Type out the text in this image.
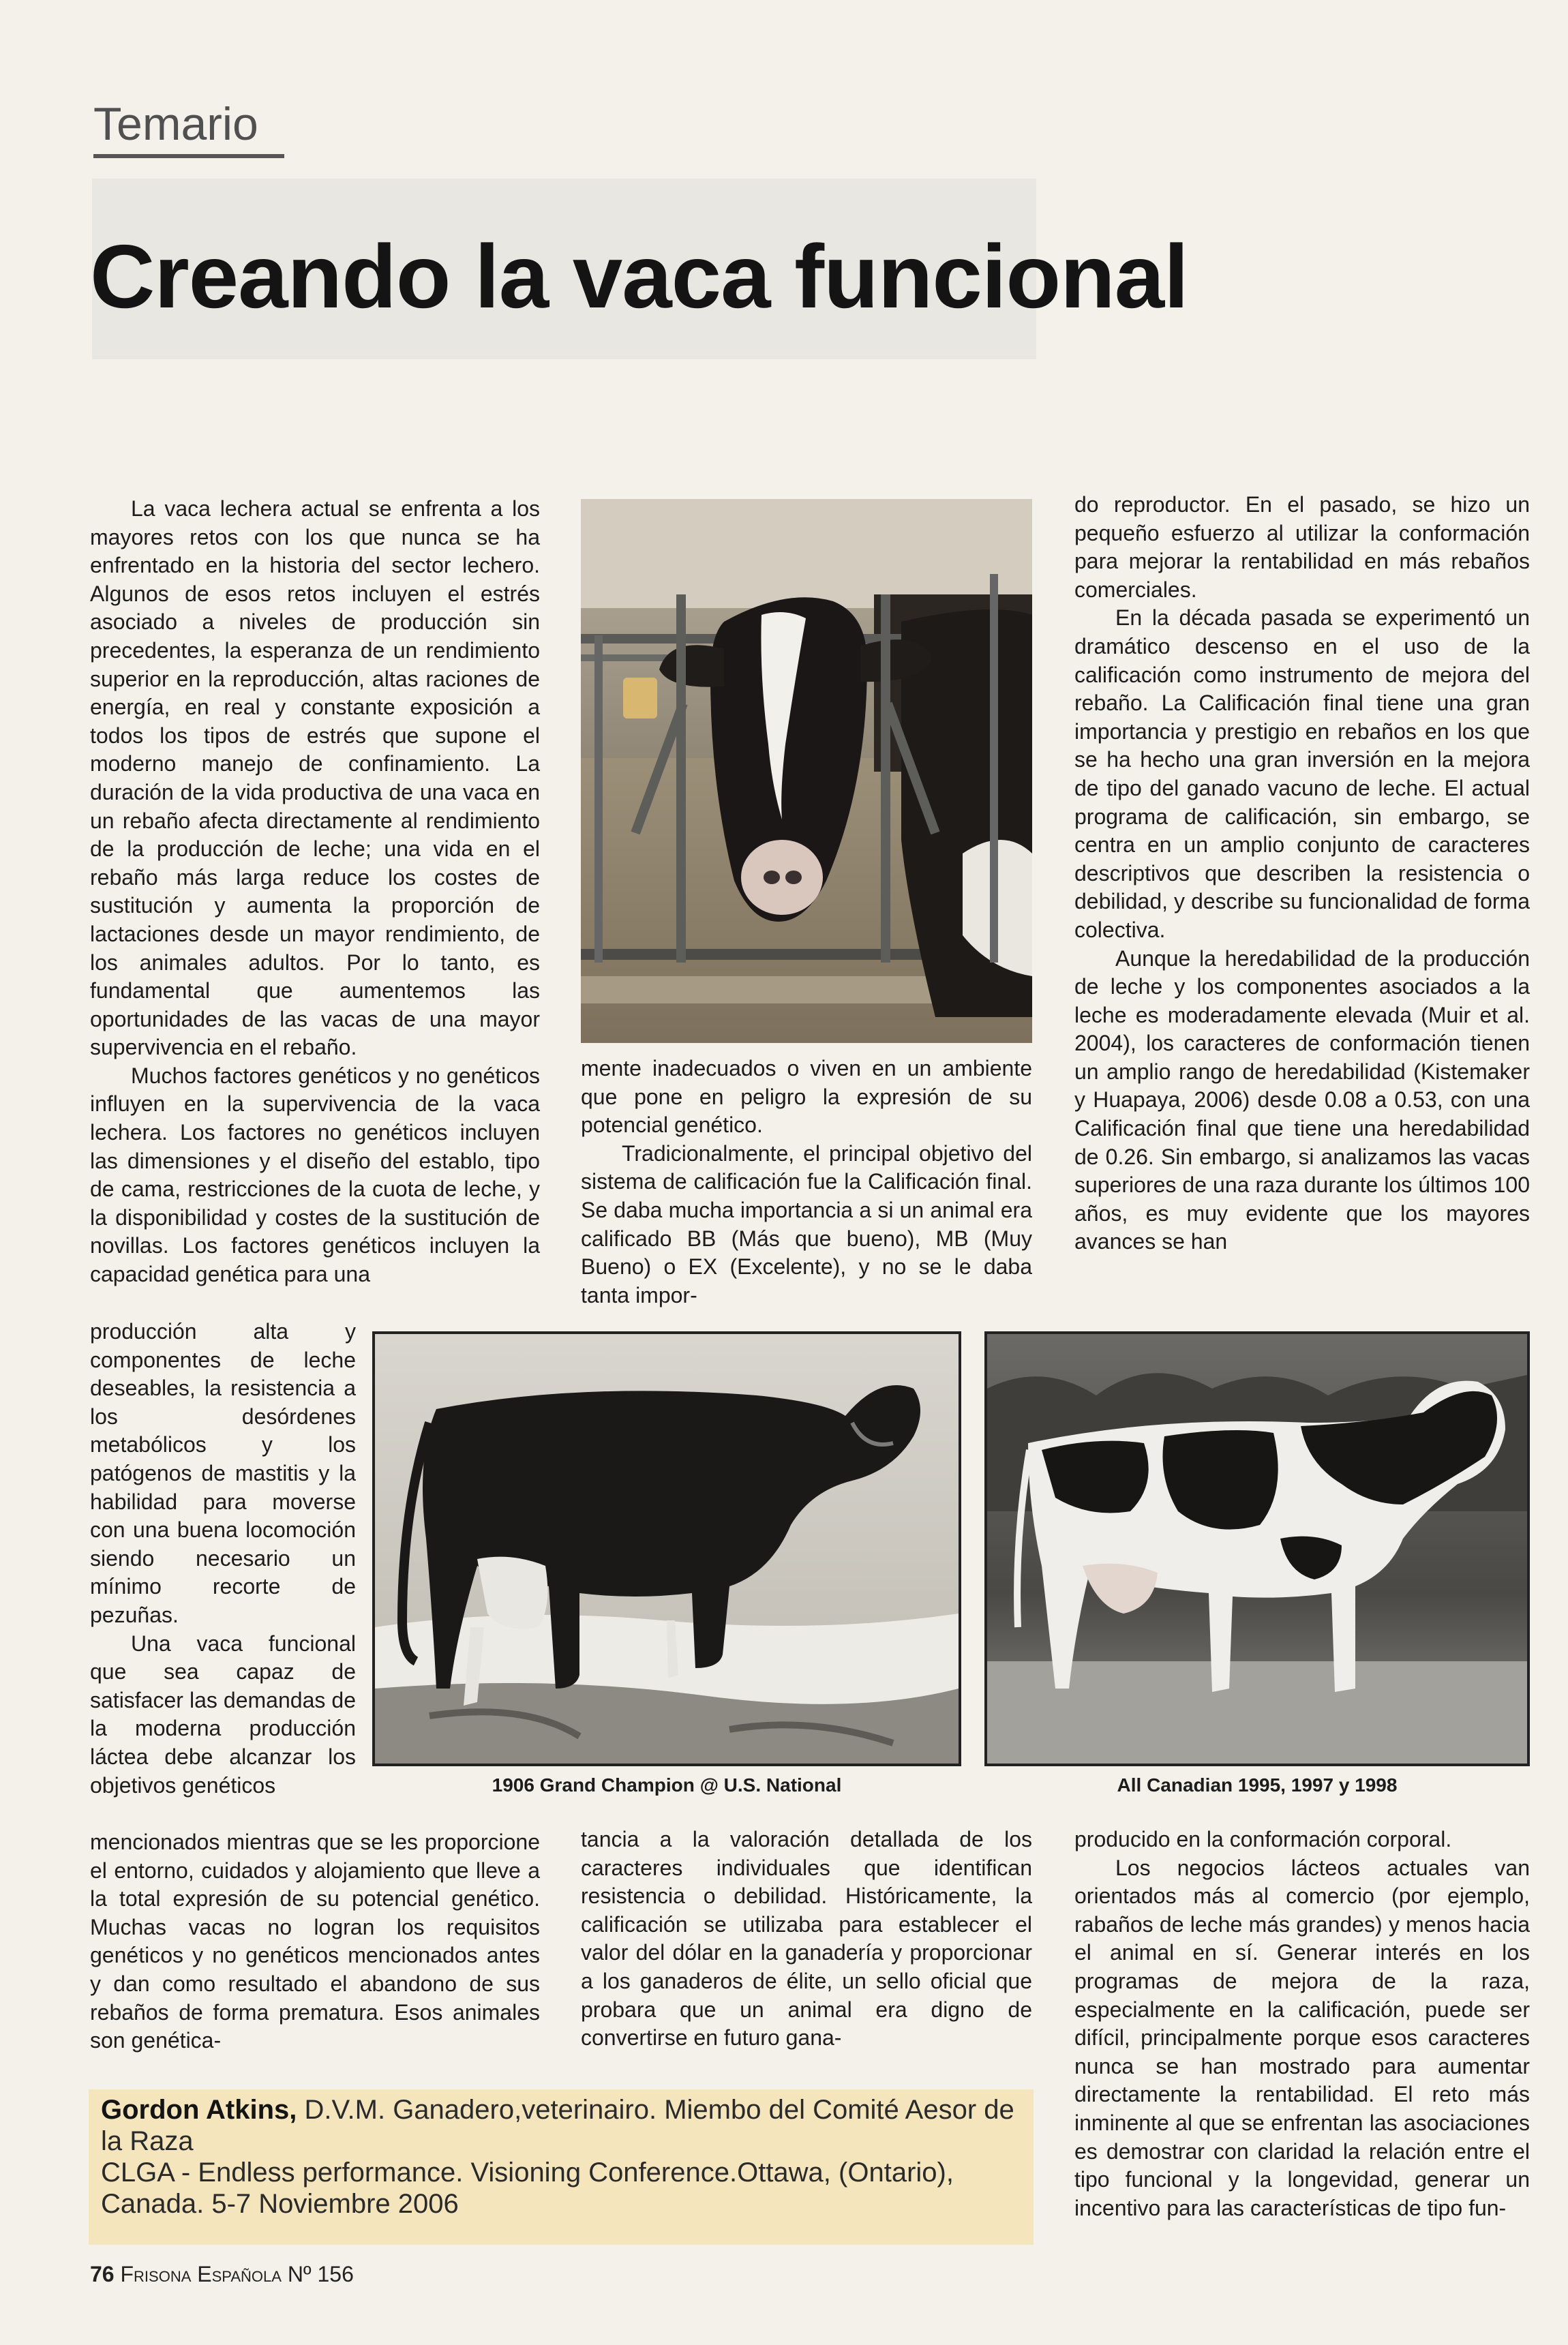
Temario
Creando la vaca funcional

La vaca lechera actual se enfrenta a los mayores retos con los que nunca se ha enfrentado en la historia del sector lechero. Algunos de esos retos incluyen el estrés asociado a niveles de producción sin precedentes, la esperanza de un rendimiento superior en la reproducción, altas raciones de energía, en real y constante exposición a todos los tipos de estrés que supone el moderno manejo de confinamiento. La duración de la vida productiva de una vaca en un rebaño afecta directamente al rendimiento de la producción de leche; una vida en el rebaño más larga reduce los costes de sustitución y aumenta la proporción de lactaciones desde un mayor rendimiento, de los animales adultos. Por lo tanto, es fundamental que aumentemos las oportunidades de las vacas de una mayor supervivencia en el rebaño.

Muchos factores genéticos y no genéticos influyen en la supervivencia de la vaca lechera. Los factores no genéticos incluyen las dimensiones y el diseño del establo, tipo de cama, restricciones de la cuota de leche, y la disponibilidad y costes de la sustitución de novillas. Los factores genéticos incluyen la capacidad genética para una

producción alta y componentes de leche deseables, la resistencia a los desórdenes metabólicos y los patógenos de mastitis y la habilidad para moverse con una buena locomoción siendo necesario un mínimo recorte de pezuñas.

Una vaca funcional que sea capaz de satisfacer las demandas de la moderna producción láctea debe alcanzar los objetivos genéticos

mencionados mientras que se les proporcione el entorno, cuidados y alojamiento que lleve a la total expresión de su potencial genético. Muchas vacas no logran los requisitos genéticos y no genéticos mencionados antes y dan como resultado el abandono de sus rebaños de forma prematura. Esos animales son genética-

mente inadecuados o viven en un ambiente que pone en peligro la expresión de su potencial genético.

Tradicionalmente, el principal objetivo del sistema de calificación fue la Calificación final. Se daba mucha importancia a si un animal era calificado BB (Más que bueno), MB (Muy Bueno) o EX (Excelente), y no se le daba tanta impor-

do reproductor. En el pasado, se hizo un pequeño esfuerzo al utilizar la conformación para mejorar la rentabilidad en más rebaños comerciales.

En la década pasada se experimentó un dramático descenso en el uso de la calificación como instrumento de mejora del rebaño. La Calificación final tiene una gran importancia y prestigio en rebaños en los que se ha hecho una gran inversión en la mejora de tipo del ganado vacuno de leche. El actual programa de calificación, sin embargo, se centra en un amplio conjunto de caracteres descriptivos que describen la resistencia o debilidad, y describe su funcionalidad de forma colectiva.

Aunque la heredabilidad de la producción de leche y los componentes asociados a la leche es moderadamente elevada (Muir et al. 2004), los caracteres de conformación tienen un amplio rango de heredabilidad (Kistemaker y Huapaya, 2006) desde 0.08 a 0.53, con una Calificación final que tiene una heredabilidad de 0.26. Sin embargo, si analizamos las vacas superiores de una raza durante los últimos 100 años, es muy evidente que los mayores avances se han

1906 Grand Champion @ U.S. National	All Canadian 1995, 1997 y 1998

tancia a la valoración detallada de los caracteres individuales que identifican resistencia o debilidad. Históricamente, la calificación se utilizaba para establecer el valor del dólar en la ganadería y proporcionar a los ganaderos de élite, un sello oficial que probara que un animal era digno de convertirse en futuro gana-

producido en la conformación corporal.

Los negocios lácteos actuales van orientados más al comercio (por ejemplo, rabaños de leche más grandes) y menos hacia el animal en sí. Generar interés en los programas de mejora de la raza, especialmente en la calificación, puede ser difícil, principalmente porque esos caracteres nunca se han mostrado para aumentar directamente la rentabilidad. El reto más inminente al que se enfrentan las asociaciones es demostrar con claridad la relación entre el tipo funcional y la longevidad, generar un incentivo para las características de tipo fun-

Gordon Atkins, D.V.M. Ganadero,veterinairo. Miembo del Comité Aesor de la Raza
CLGA - Endless performance. Visioning Conference.Ottawa, (Ontario), Canada. 5-7 Noviembre 2006
76 Frisona Española Nº 156
